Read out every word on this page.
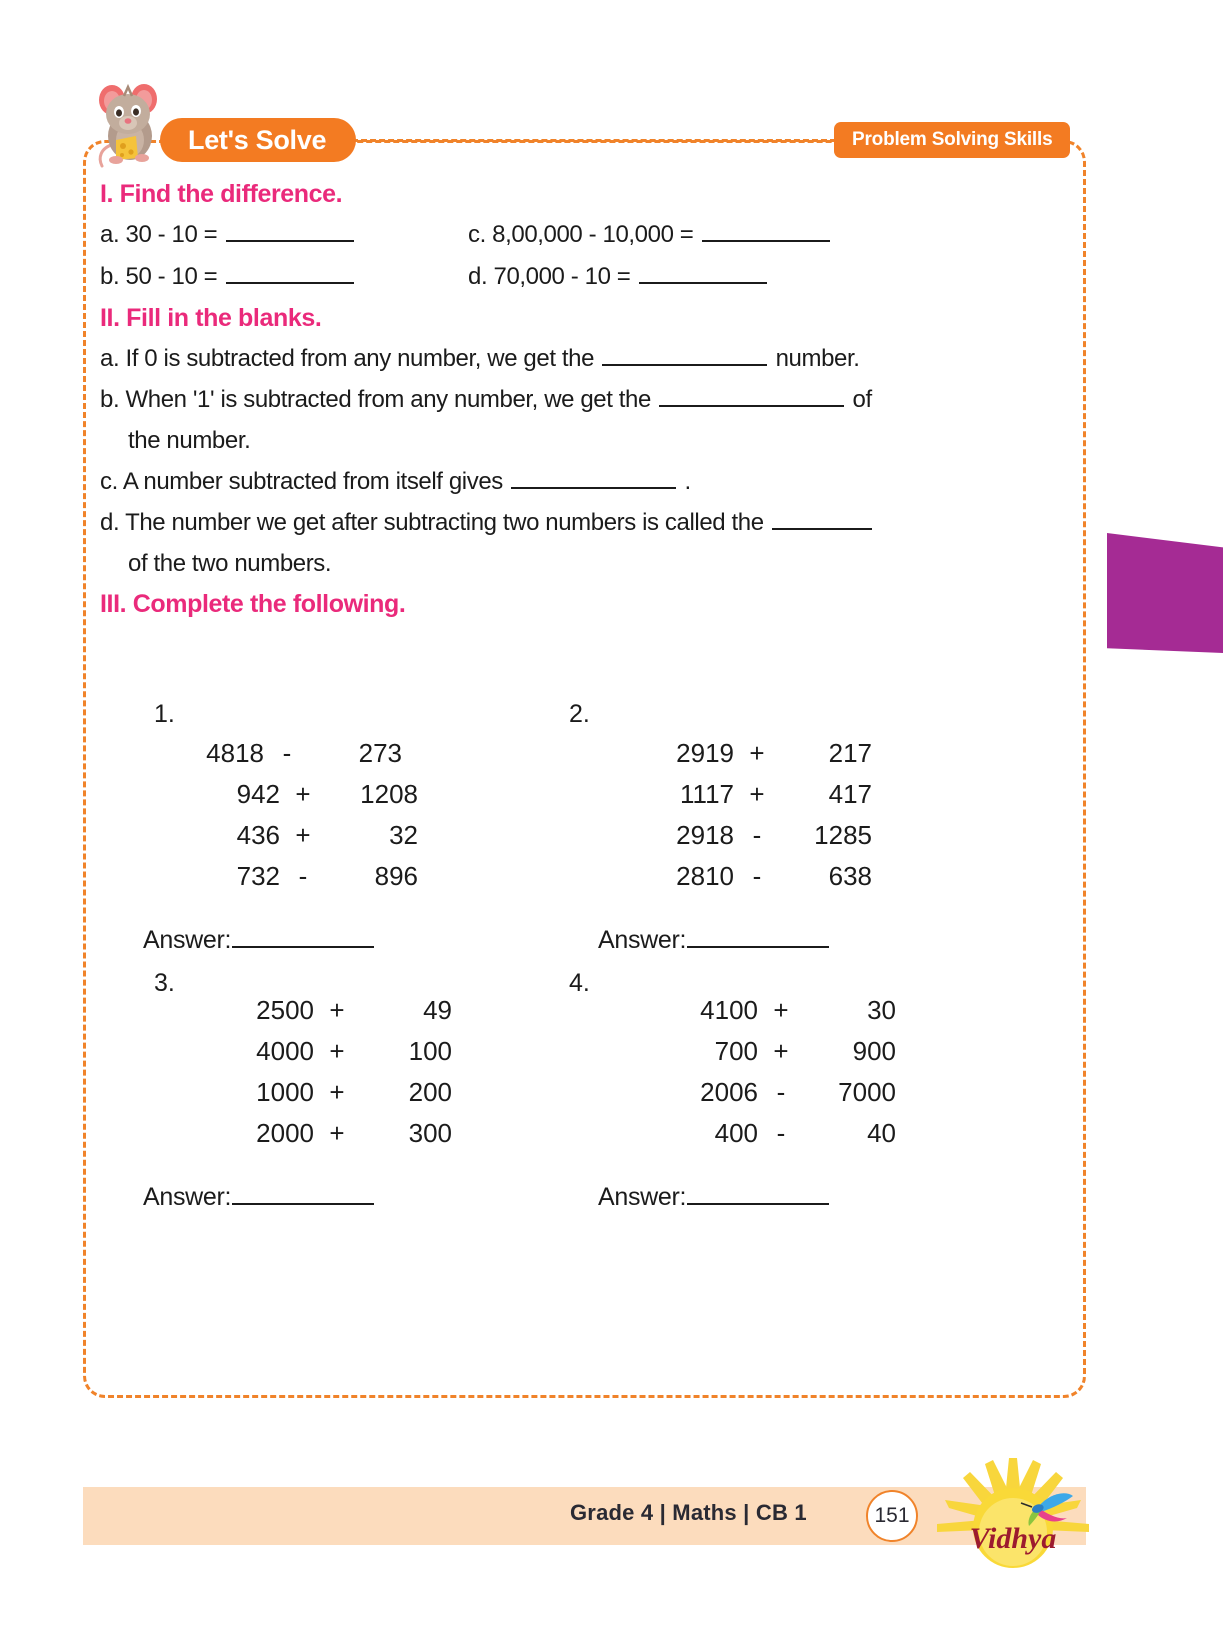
Let's Solve	Problem Solving Skills
I. Find the difference.
a. 30 - 10 =	c. 8,00,000 - 10,000 =
b. 50 - 10 =	d. 70,000 - 10 =
II. Fill in the blanks.
a. If 0 is subtracted from any number, we get the	number.
b. When '1' is subtracted from any number, we get the	of
the number.
c. A number subtracted from itself gives	.
d. The number we get after subtracting two numbers is called the
of the two numbers.
III. Complete the following.
1.	2.
4818 -	273
942 +	1208
436 +	32
732 -	896
Answer:
2919 +	217
1117 +	417
2918 -	1285
2810 -	638
Answer:
3.	4.
2500 +	49
4000 +	100
1000 +	200
2000 +	300
Answer:
4100 +	30
700 +	900
2006 -	7000
400 -	40
Answer:
Grade 4 | Maths | CB 1	151
Vidhya
